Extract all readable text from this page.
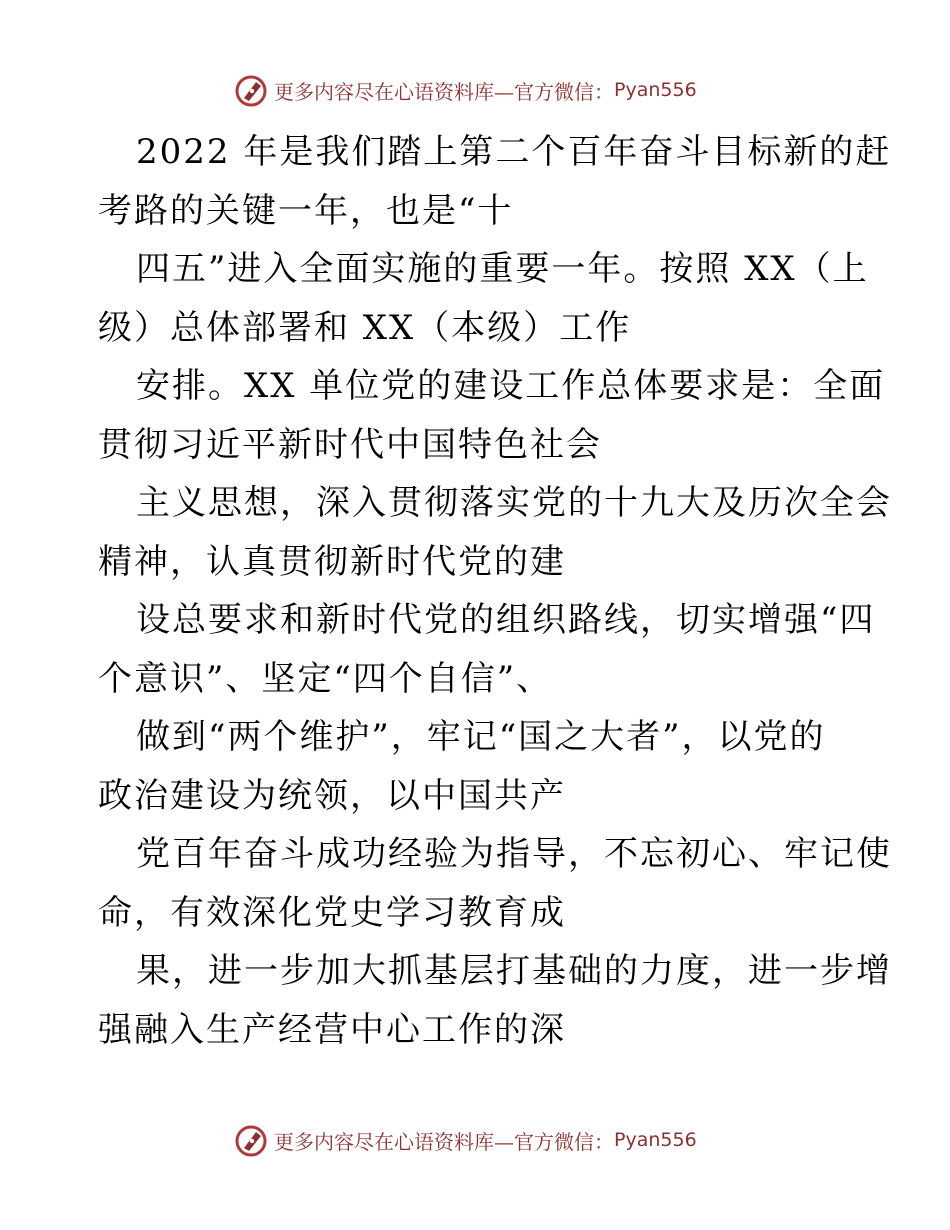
更多内容尽在心语资料库—官方微信： Pyan556
2022 年是我们踏上第二个百年奋斗目标新的赶
考路的关键一年，也是“十
四五”进入全面实施的重要一年。按照 XX（上
级）总体部署和 XX（本级）工作
安排。XX 单位党的建设工作总体要求是：全面
贯彻习近平新时代中国特色社会
主义思想，深入贯彻落实党的十九大及历次全会
精神，认真贯彻新时代党的建
设总要求和新时代党的组织路线，切实增强“四
个意识”、坚定“四个自信”、
做到“两个维护”，牢记“国之大者”，以党的
政治建设为统领，以中国共产
党百年奋斗成功经验为指导，不忘初心、牢记使
命，有效深化党史学习教育成
果，进一步加大抓基层打基础的力度，进一步增
强融入生产经营中心工作的深
更多内容尽在心语资料库—官方微信： Pyan556
